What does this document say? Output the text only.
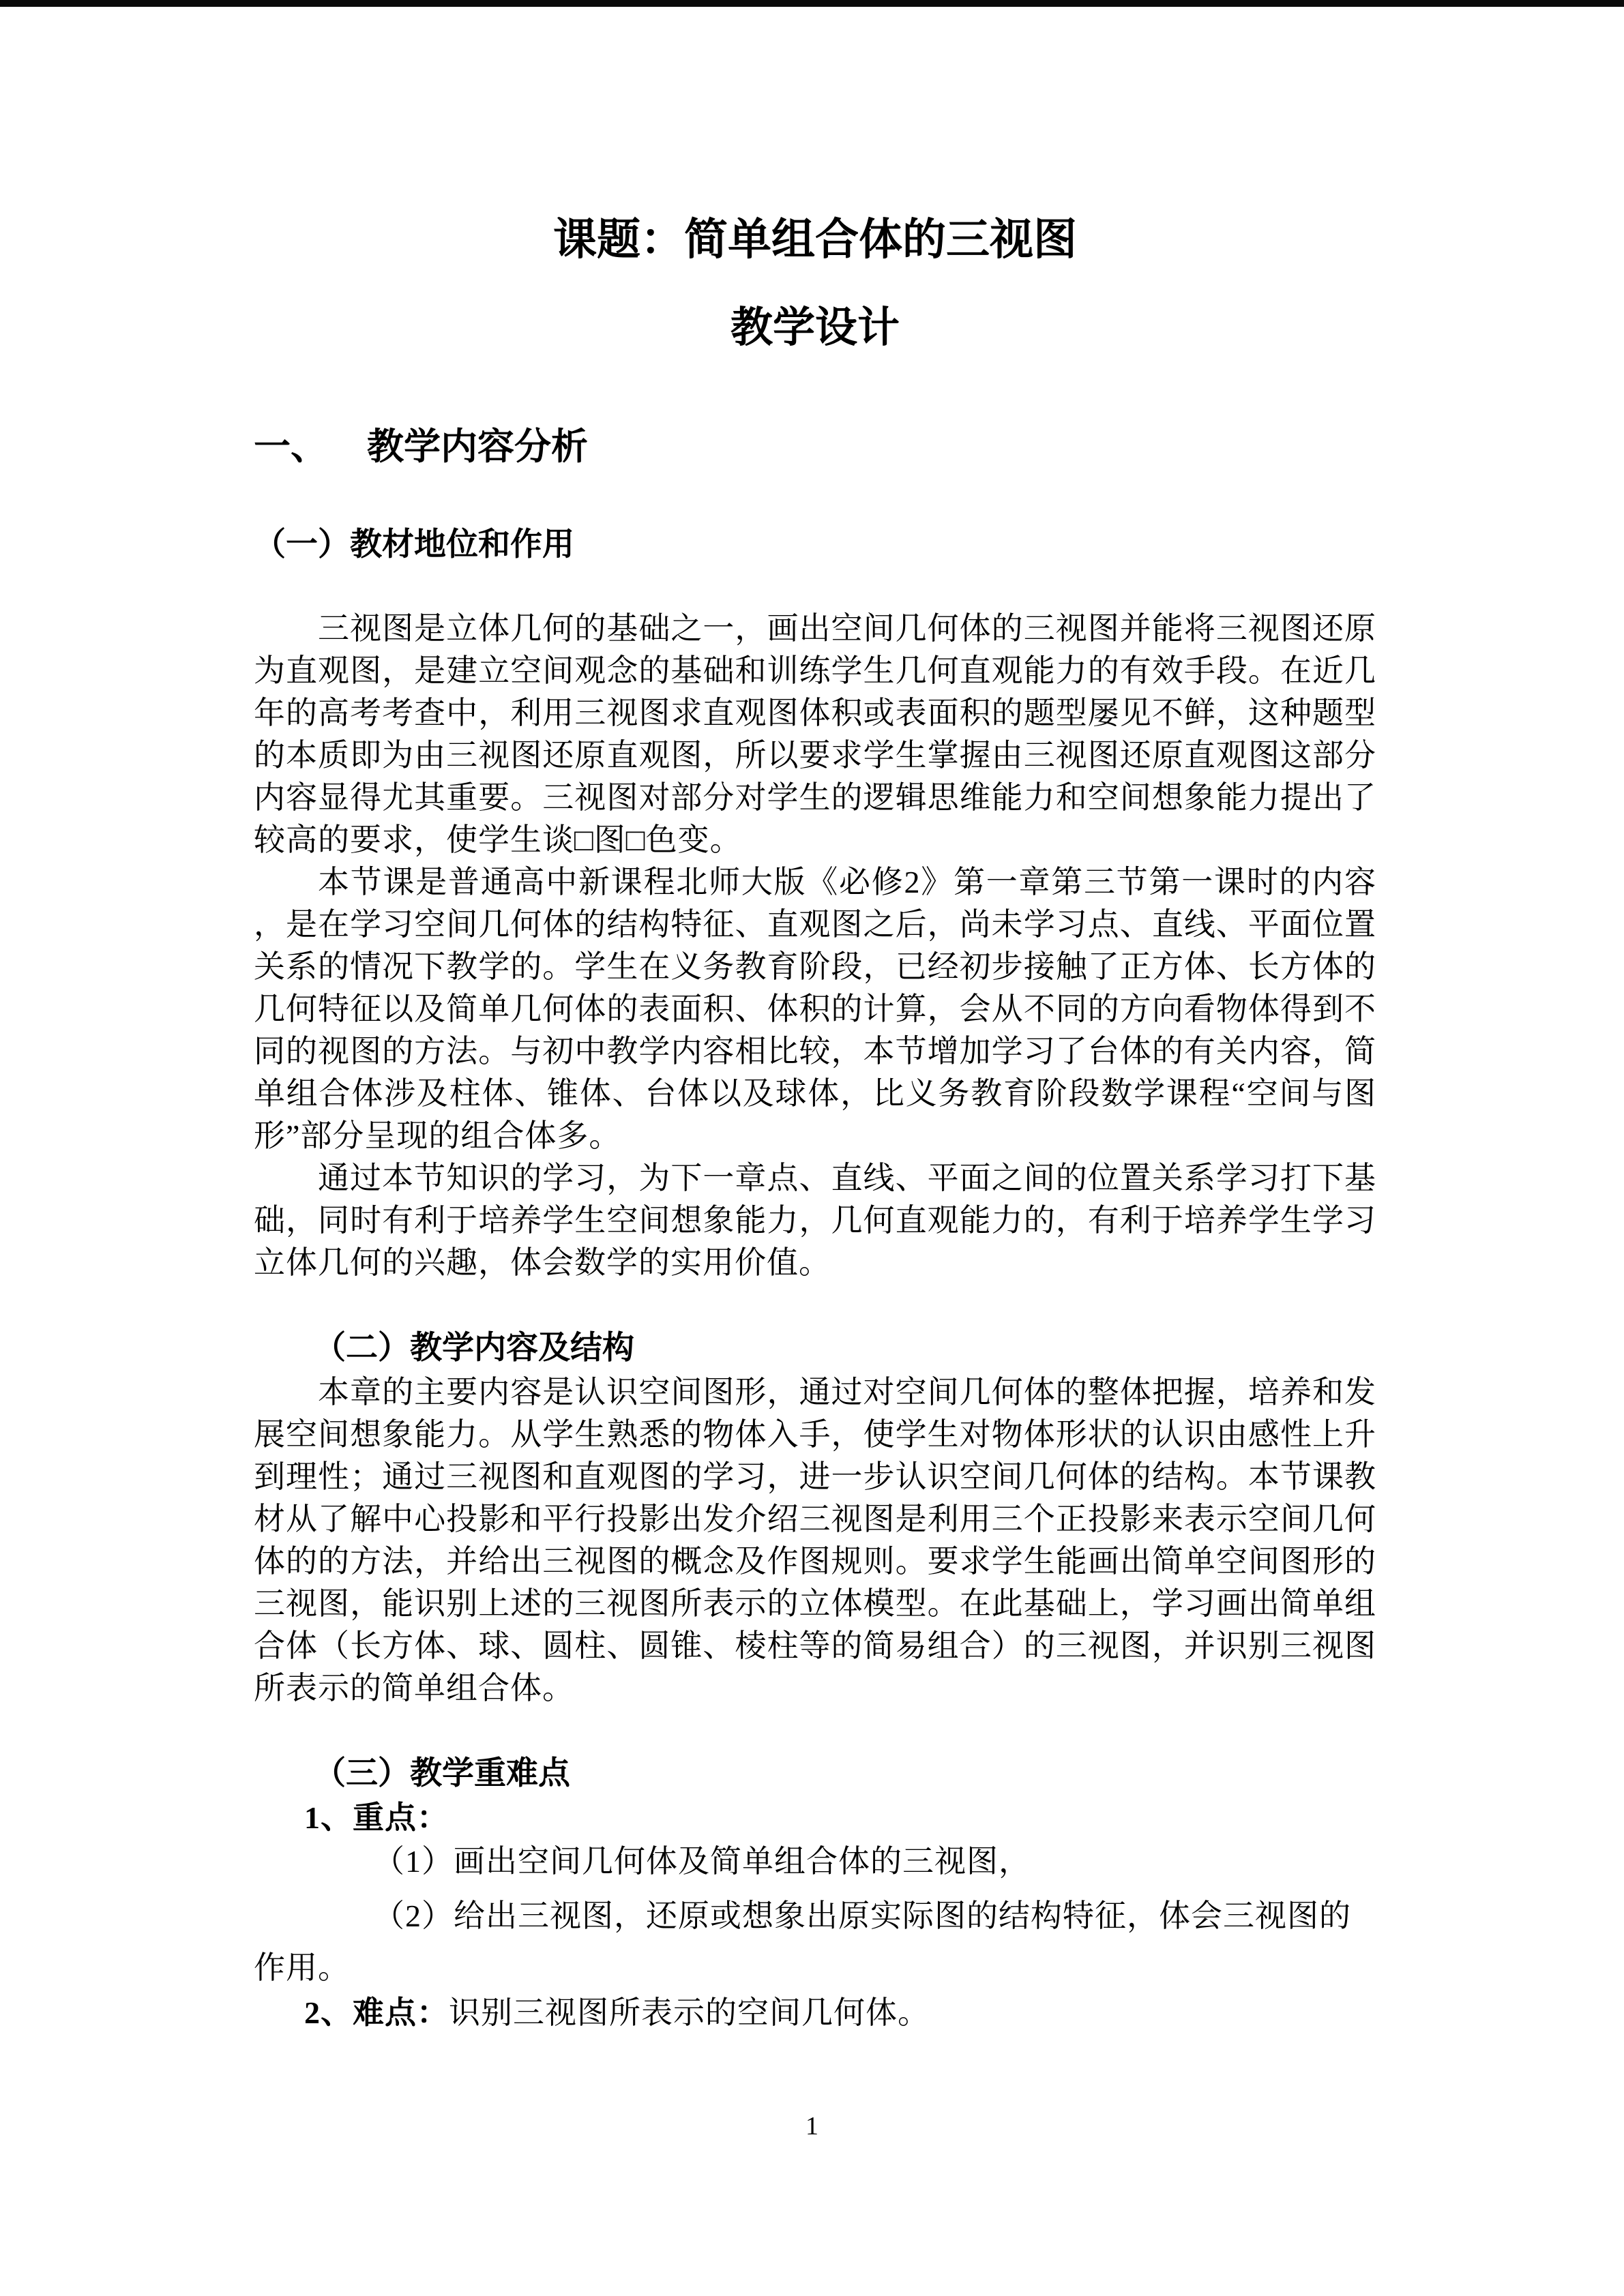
课题：简单组合体的三视图
教学设计
一、 教学内容分析
（一）教材地位和作用

三视图是立体几何的基础之一，画出空间几何体的三视图并能将三视图还原为直观图，是建立空间观念的基础和训练学生几何直观能力的有效手段。在近几年的高考考查中，利用三视图求直观图体积或表面积的题型屡见不鲜，这种题型的本质即为由三视图还原直观图，所以要求学生掌握由三视图还原直观图这部分内容显得尤其重要。三视图对部分对学生的逻辑思维能力和空间想象能力提出了较高的要求，使学生谈□图□色变。

本节课是普通高中新课程北师大版《必修2》第一章第三节第一课时的内容 ，是在学习空间几何体的结构特征、直观图之后，尚未学习点、直线、平面位置关系的情况下教学的。学生在义务教育阶段，已经初步接触了正方体、长方体的几何特征以及简单几何体的表面积、体积的计算，会从不同的方向看物体得到不同的视图的方法。与初中教学内容相比较，本节增加学习了台体的有关内容，简单组合体涉及柱体、锥体、台体以及球体，比义务教育阶段数学课程“空间与图形”部分呈现的组合体多。

通过本节知识的学习，为下一章点、直线、平面之间的位置关系学习打下基础，同时有利于培养学生空间想象能力，几何直观能力的，有利于培养学生学习立体几何的兴趣，体会数学的实用价值。

（二）教学内容及结构

本章的主要内容是认识空间图形，通过对空间几何体的整体把握，培养和发展空间想象能力。从学生熟悉的物体入手，使学生对物体形状的认识由感性上升到理性；通过三视图和直观图的学习，进一步认识空间几何体的结构。本节课教材从了解中心投影和平行投影出发介绍三视图是利用三个正投影来表示空间几何体的的方法，并给出三视图的概念及作图规则。要求学生能画出简单空间图形的三视图，能识别上述的三视图所表示的立体模型。在此基础上，学习画出简单组合体（长方体、球、圆柱、圆锥、棱柱等的简易组合）的三视图，并识别三视图所表示的简单组合体。

（三）教学重难点

1、重点：

（1）画出空间几何体及简单组合体的三视图，

（2）给出三视图，还原或想象出原实际图的结构特征，体会三视图的

作用。

2、难点：识别三视图所表示的空间几何体。

1
